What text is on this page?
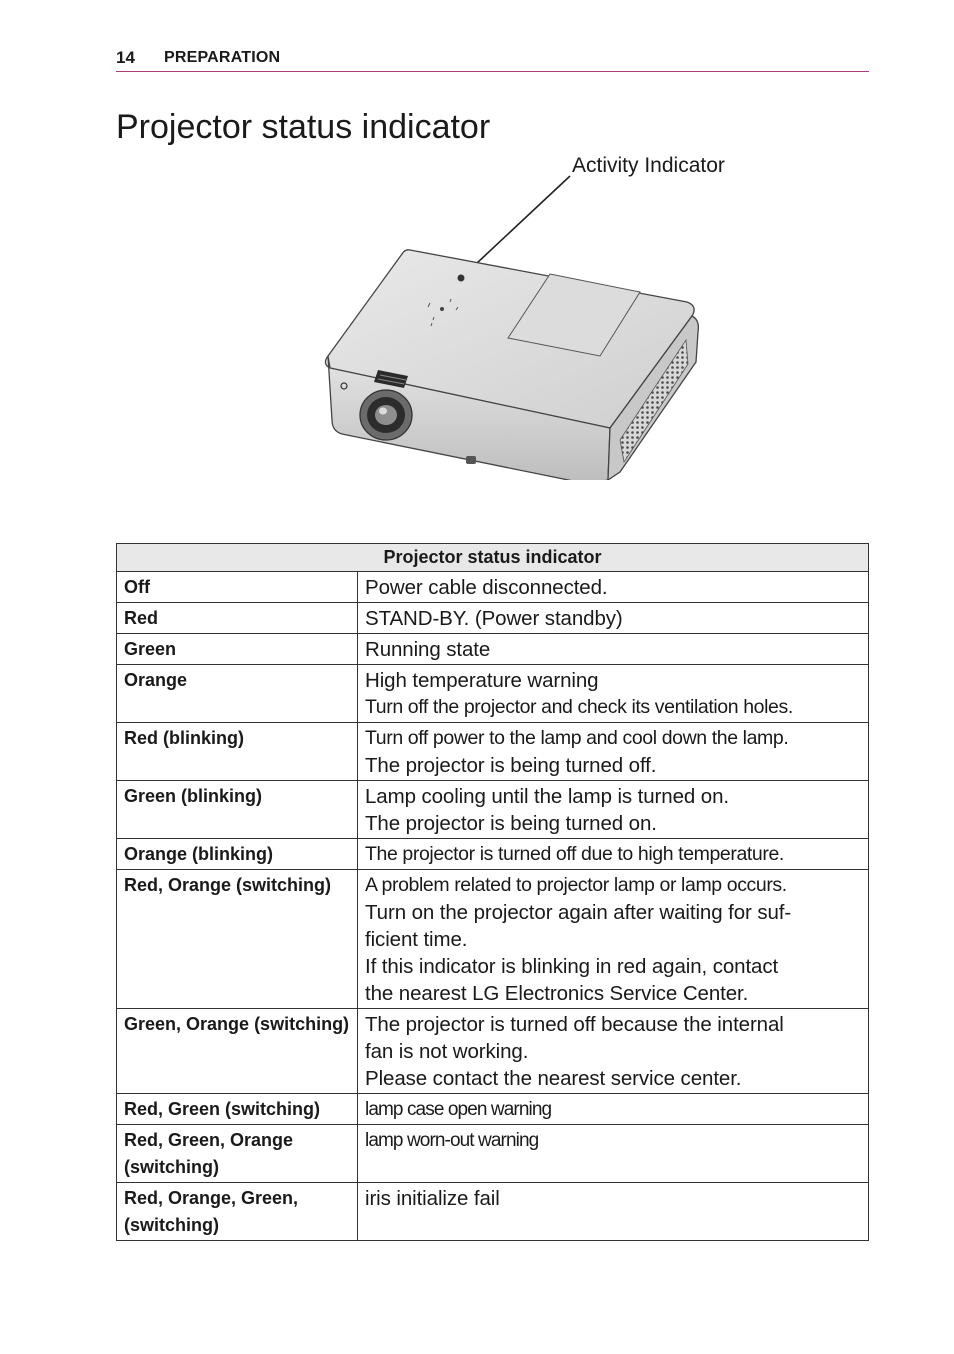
14 PREPARATION
Projector status indicator
Activity Indicator
Projector status indicator	
Off	Power cable disconnected.

Red	STAND-BY. (Power standby)

Green	Running state

Orange	High temperature warning
Turn off the projector and check its ventilation holes.

Red (blinking)	Turn off power to the lamp and cool down the lamp.
The projector is being turned off.

Green (blinking)	Lamp cooling until the lamp is turned on.
The projector is being turned on.

Orange (blinking)	The projector is turned off due to high temperature.

Red, Orange (switching)	A problem related to projector lamp or lamp occurs.
Turn on the projector again after waiting for suf-
ficient time.
If this indicator is blinking in red again, contact
the nearest LG Electronics Service Center.

Green, Orange (switching)	The projector is turned off because the internal
fan is not working.
Please contact the nearest service center.

Red, Green (switching)	lamp case open warning

Red, Green, Orange (switching)	lamp worn-out warning

Red, Orange, Green, (switching)	iris initialize fail
